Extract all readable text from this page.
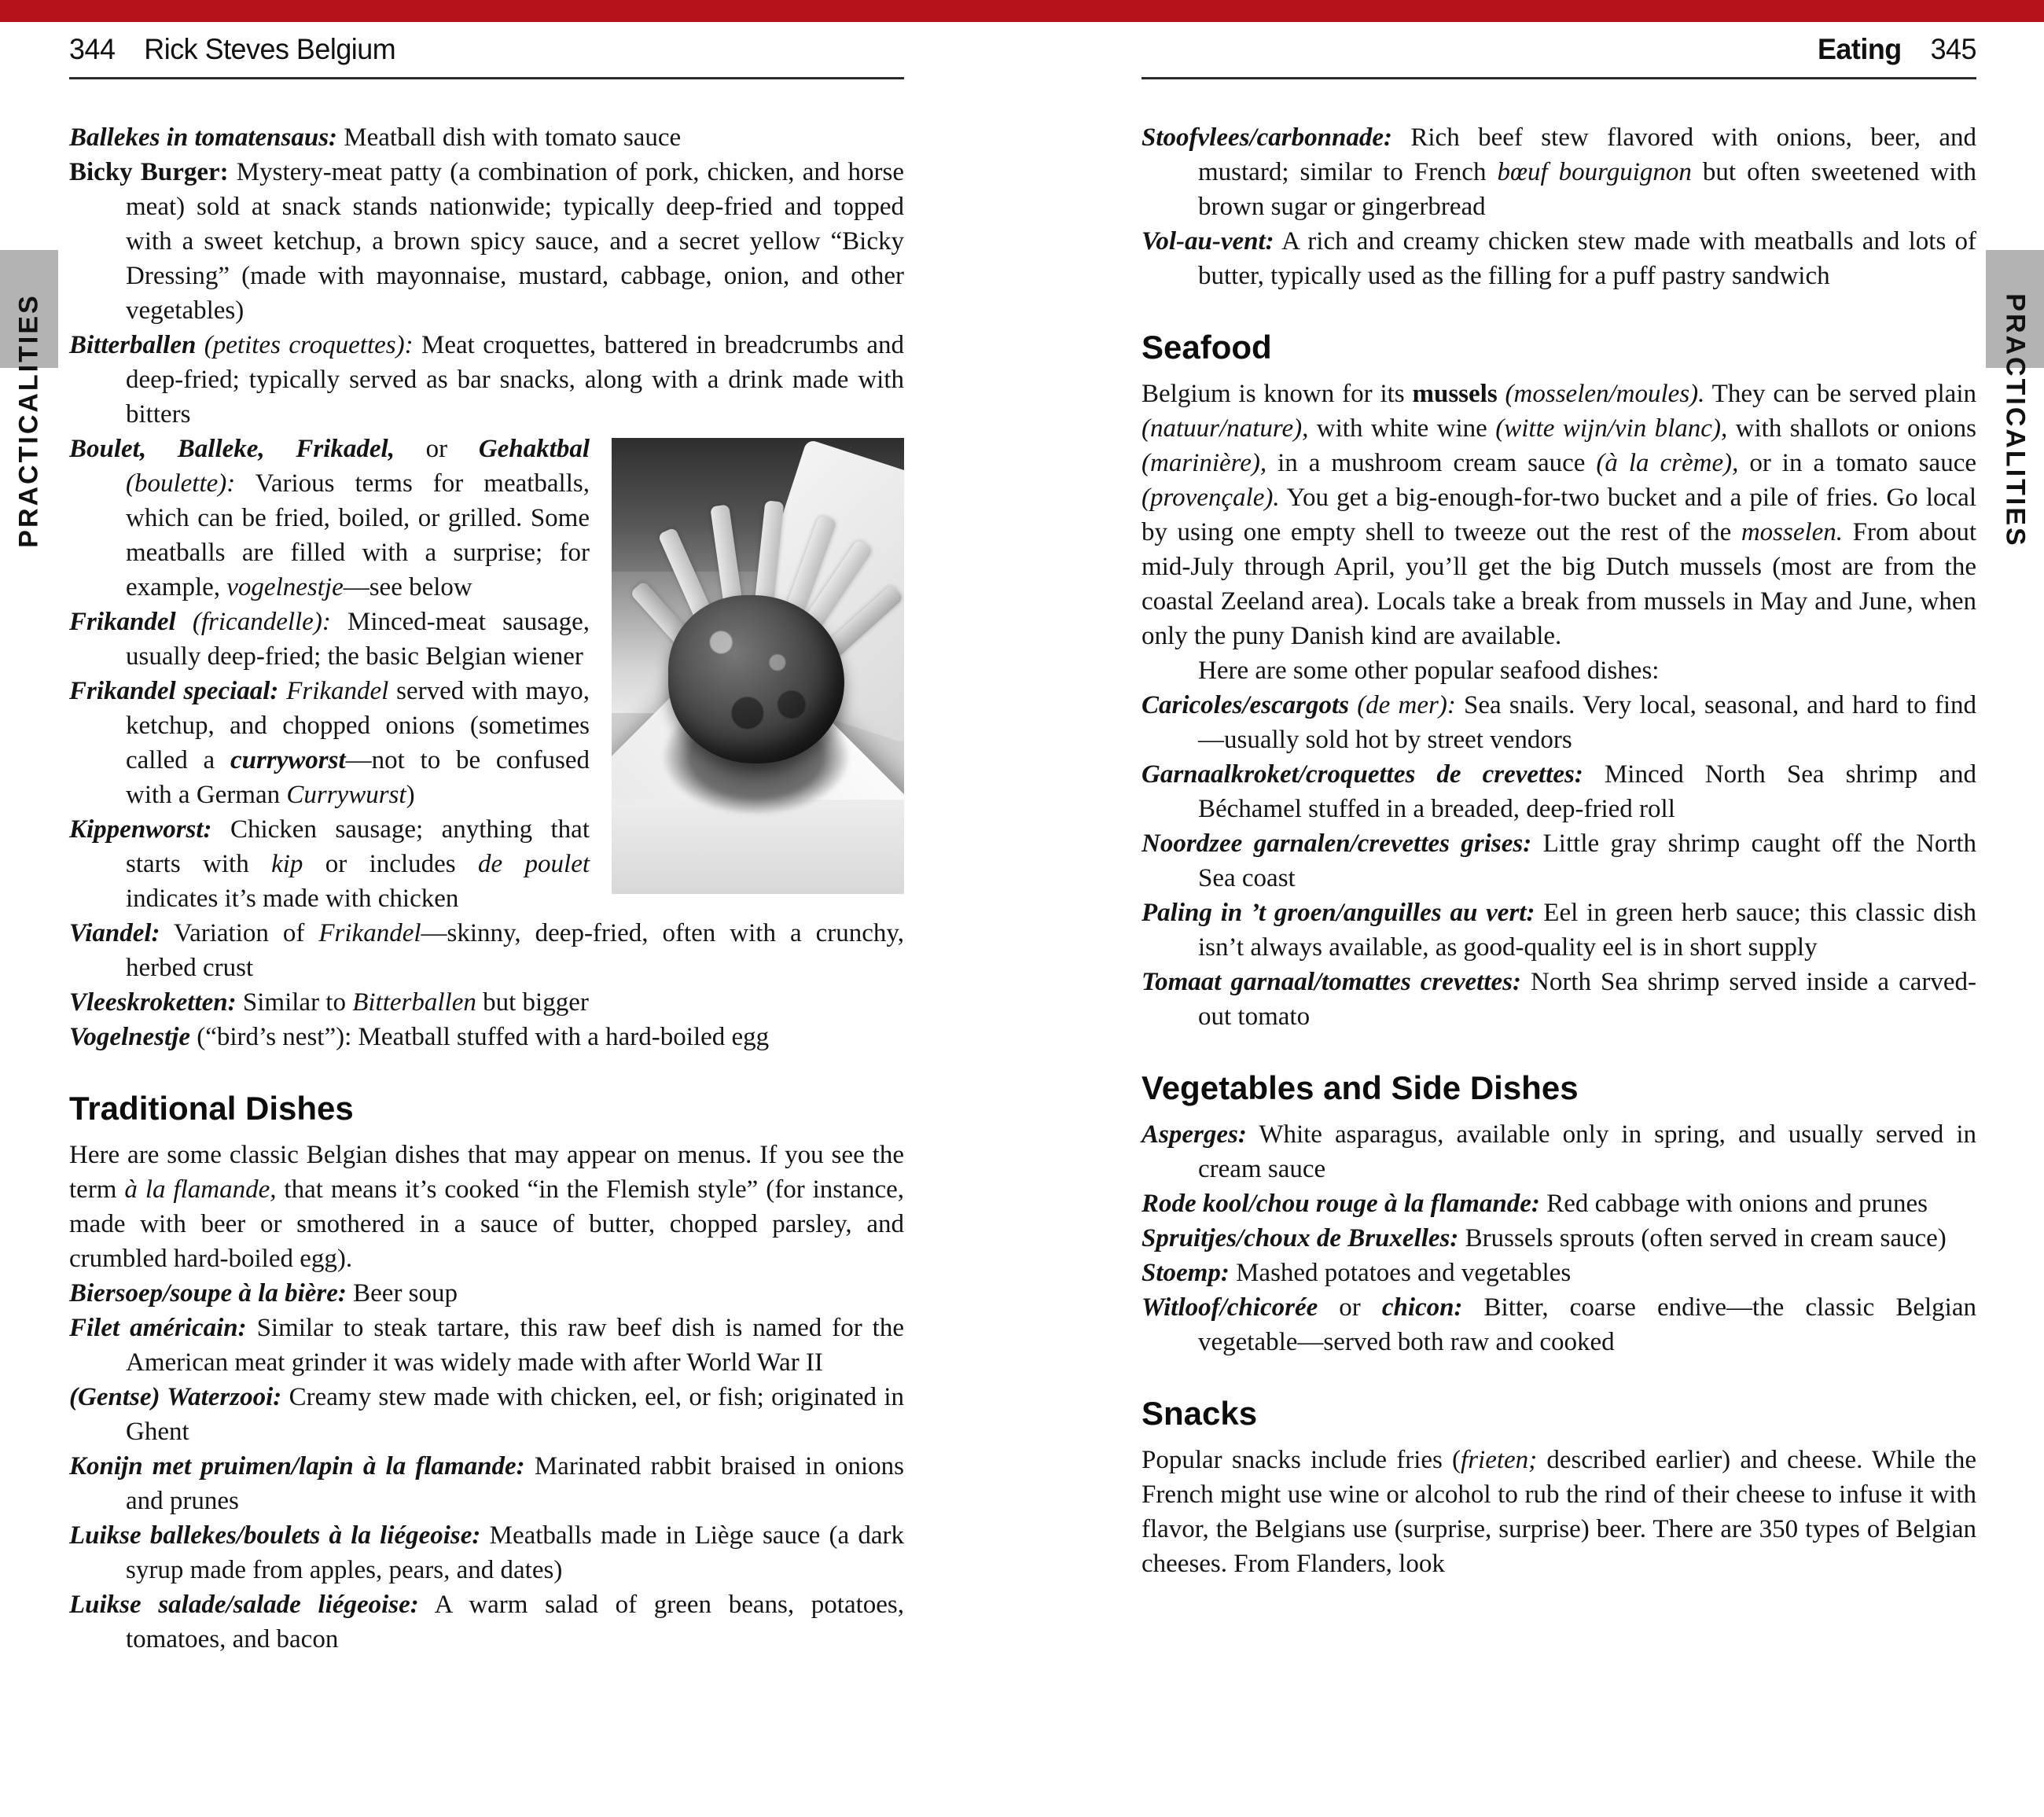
PRACTICALITIES	PRACTICALITIES
344 Rick Steves Belgium

Ballekes in tomatensaus: Meatball dish with tomato sauce

Bicky Burger: Mystery-meat patty (a combination of pork, chicken, and horse meat) sold at snack stands nationwide; typically deep-fried and topped with a sweet ketchup, a brown spicy sauce, and a secret yellow “Bicky Dressing” (made with mayonnaise, mustard, cabbage, onion, and other vegetables)

Bitterballen (petites croquettes): Meat croquettes, battered in breadcrumbs and deep-fried; typically served as bar snacks, along with a drink made with bitters

Boulet, Balleke, Frikadel, or Gehaktbal (boulette): Various terms for meatballs, which can be fried, boiled, or grilled. Some meatballs are filled with a surprise; for example, vogelnestje—see below

Frikandel (fricandelle): Minced-meat sausage, usually deep-fried; the basic Belgian wiener

Frikandel speciaal: Frikandel served with mayo, ketchup, and chopped onions (sometimes called a curryworst—not to be confused with a German Currywurst)

Kippenworst: Chicken sausage; anything that starts with kip or includes de poulet indicates it’s made with chicken

Viandel: Variation of Frikandel—skinny, deep-fried, often with a crunchy, herbed crust

Vleeskroketten: Similar to Bitterballen but bigger

Vogelnestje (“bird’s nest”): Meatball stuffed with a hard-boiled egg

Traditional Dishes

Here are some classic Belgian dishes that may appear on menus. If you see the term à la flamande, that means it’s cooked “in the Flemish style” (for instance, made with beer or smothered in a sauce of butter, chopped parsley, and crumbled hard-boiled egg).

Biersoep/soupe à la bière: Beer soup

Filet américain: Similar to steak tartare, this raw beef dish is named for the American meat grinder it was widely made with after World War II

(Gentse) Waterzooi: Creamy stew made with chicken, eel, or fish; originated in Ghent

Konijn met pruimen/lapin à la flamande: Marinated rabbit braised in onions and prunes

Luikse ballekes/boulets à la liégeoise: Meatballs made in Liège sauce (a dark syrup made from apples, pears, and dates)

Luikse salade/salade liégeoise: A warm salad of green beans, potatoes, tomatoes, and bacon

Eating 345

Stoofvlees/carbonnade: Rich beef stew flavored with onions, beer, and mustard; similar to French bœuf bourguignon but often sweetened with brown sugar or gingerbread

Vol-au-vent: A rich and creamy chicken stew made with meatballs and lots of butter, typically used as the filling for a puff pastry sandwich

Seafood

Belgium is known for its mussels (mosselen/moules). They can be served plain (natuur/nature), with white wine (witte wijn/vin blanc), with shallots or onions (marinière), in a mushroom cream sauce (à la crème), or in a tomato sauce (provençale). You get a big-enough-for-two bucket and a pile of fries. Go local by using one empty shell to tweeze out the rest of the mosselen. From about mid-July through April, you’ll get the big Dutch mussels (most are from the coastal Zeeland area). Locals take a break from mussels in May and June, when only the puny Danish kind are available.

Here are some other popular seafood dishes:

Caricoles/escargots (de mer): Sea snails. Very local, seasonal, and hard to find—usually sold hot by street vendors

Garnaalkroket/croquettes de crevettes: Minced North Sea shrimp and Béchamel stuffed in a breaded, deep-fried roll

Noordzee garnalen/crevettes grises: Little gray shrimp caught off the North Sea coast

Paling in ’t groen/anguilles au vert: Eel in green herb sauce; this classic dish isn’t always available, as good-quality eel is in short supply

Tomaat garnaal/tomattes crevettes: North Sea shrimp served inside a carved-out tomato

Vegetables and Side Dishes

Asperges: White asparagus, available only in spring, and usually served in cream sauce

Rode kool/chou rouge à la flamande: Red cabbage with onions and prunes

Spruitjes/choux de Bruxelles: Brussels sprouts (often served in cream sauce)

Stoemp: Mashed potatoes and vegetables

Witloof/chicorée or chicon: Bitter, coarse endive—the classic Belgian vegetable—served both raw and cooked

Snacks

Popular snacks include fries (frieten; described earlier) and cheese. While the French might use wine or alcohol to rub the rind of their cheese to infuse it with flavor, the Belgians use (surprise, surprise) beer. There are 350 types of Belgian cheeses. From Flanders, look
